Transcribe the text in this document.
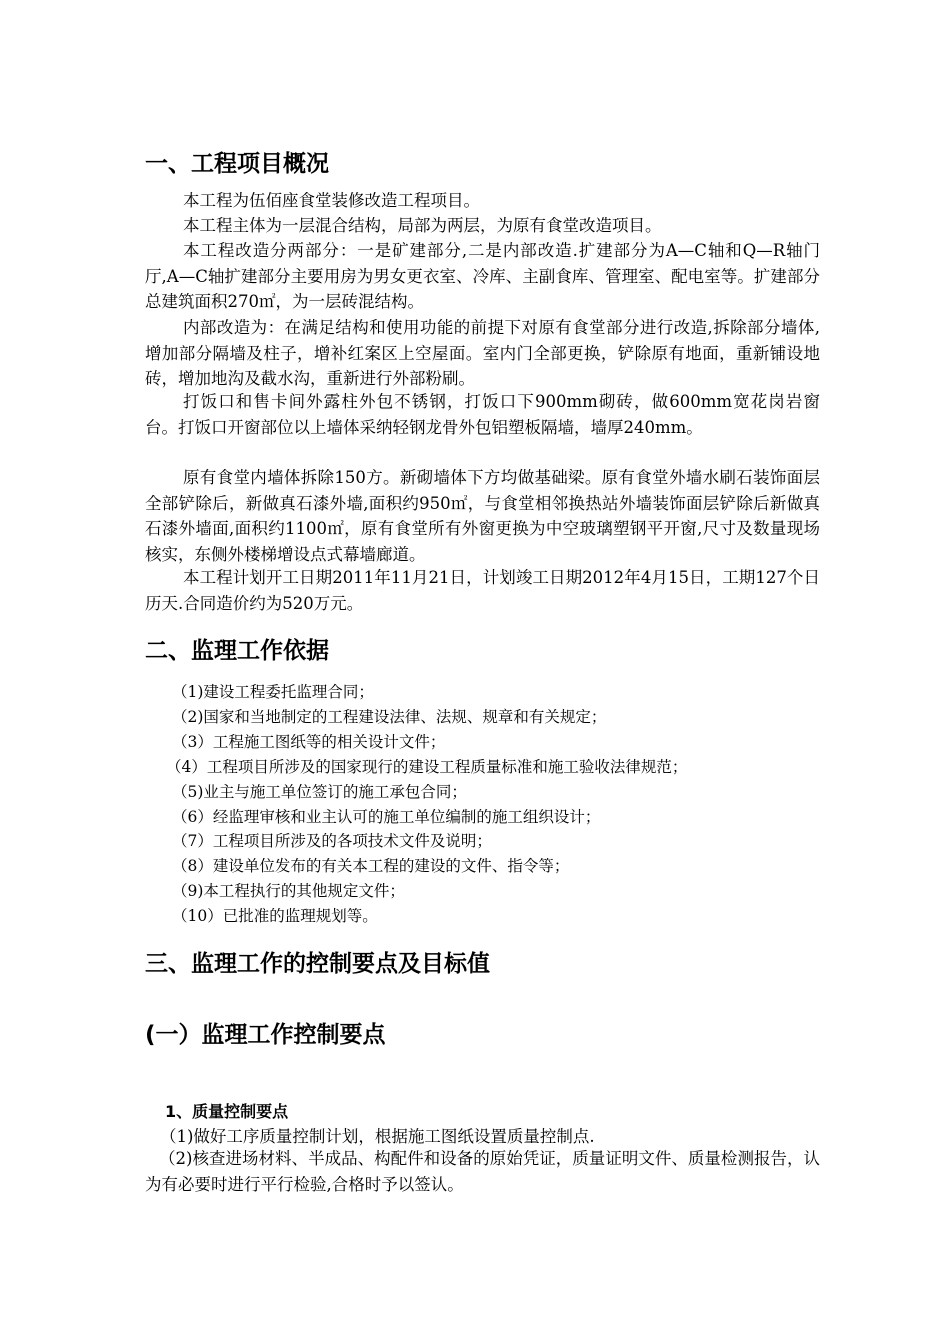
一、工程项目概况
本工程为伍佰座食堂装修改造工程项目。
本工程主体为一层混合结构，局部为两层，为原有食堂改造项目。
本工程改造分两部分：一是矿建部分,二是内部改造.扩建部分为A—C轴和Q—R轴门厅,A—C轴扩建部分主要用房为男女更衣室、冷库、主副食库、管理室、配电室等。扩建部分总建筑面积270㎡，为一层砖混结构。
内部改造为：在满足结构和使用功能的前提下对原有食堂部分进行改造,拆除部分墙体,增加部分隔墙及柱子，增补红案区上空屋面。室内门全部更换，铲除原有地面，重新铺设地砖，增加地沟及截水沟，重新进行外部粉刷。
打饭口和售卡间外露柱外包不锈钢，打饭口下900mm砌砖，做600mm宽花岗岩窗台。打饭口开窗部位以上墙体采纳轻钢龙骨外包铝塑板隔墙，墙厚240mm。
原有食堂内墙体拆除150方。新砌墙体下方均做基础梁。原有食堂外墙水刷石装饰面层全部铲除后，新做真石漆外墙,面积约950㎡，与食堂相邻换热站外墙装饰面层铲除后新做真石漆外墙面,面积约1100㎡，原有食堂所有外窗更换为中空玻璃塑钢平开窗,尺寸及数量现场核实，东侧外楼梯增设点式幕墙廊道。
本工程计划开工日期2011年11月21日，计划竣工日期2012年4月15日，工期127个日历天.合同造价约为520万元。
二、监理工作依据
（1)建设工程委托监理合同；
（2)国家和当地制定的工程建设法律、法规、规章和有关规定；
（3）工程施工图纸等的相关设计文件；
（4）工程项目所涉及的国家现行的建设工程质量标准和施工验收法律规范；
（5)业主与施工单位签订的施工承包合同；
（6）经监理审核和业主认可的施工单位编制的施工组织设计；
（7）工程项目所涉及的各项技术文件及说明；
（8）建设单位发布的有关本工程的建设的文件、指令等；
（9)本工程执行的其他规定文件；
（10）已批准的监理规划等。
三、监理工作的控制要点及目标值
(一）监理工作控制要点
1、质量控制要点
（1)做好工序质量控制计划，根据施工图纸设置质量控制点.
（2)核查进场材料、半成品、构配件和设备的原始凭证，质量证明文件、质量检测报告，认为有必要时进行平行检验,合格时予以签认。
